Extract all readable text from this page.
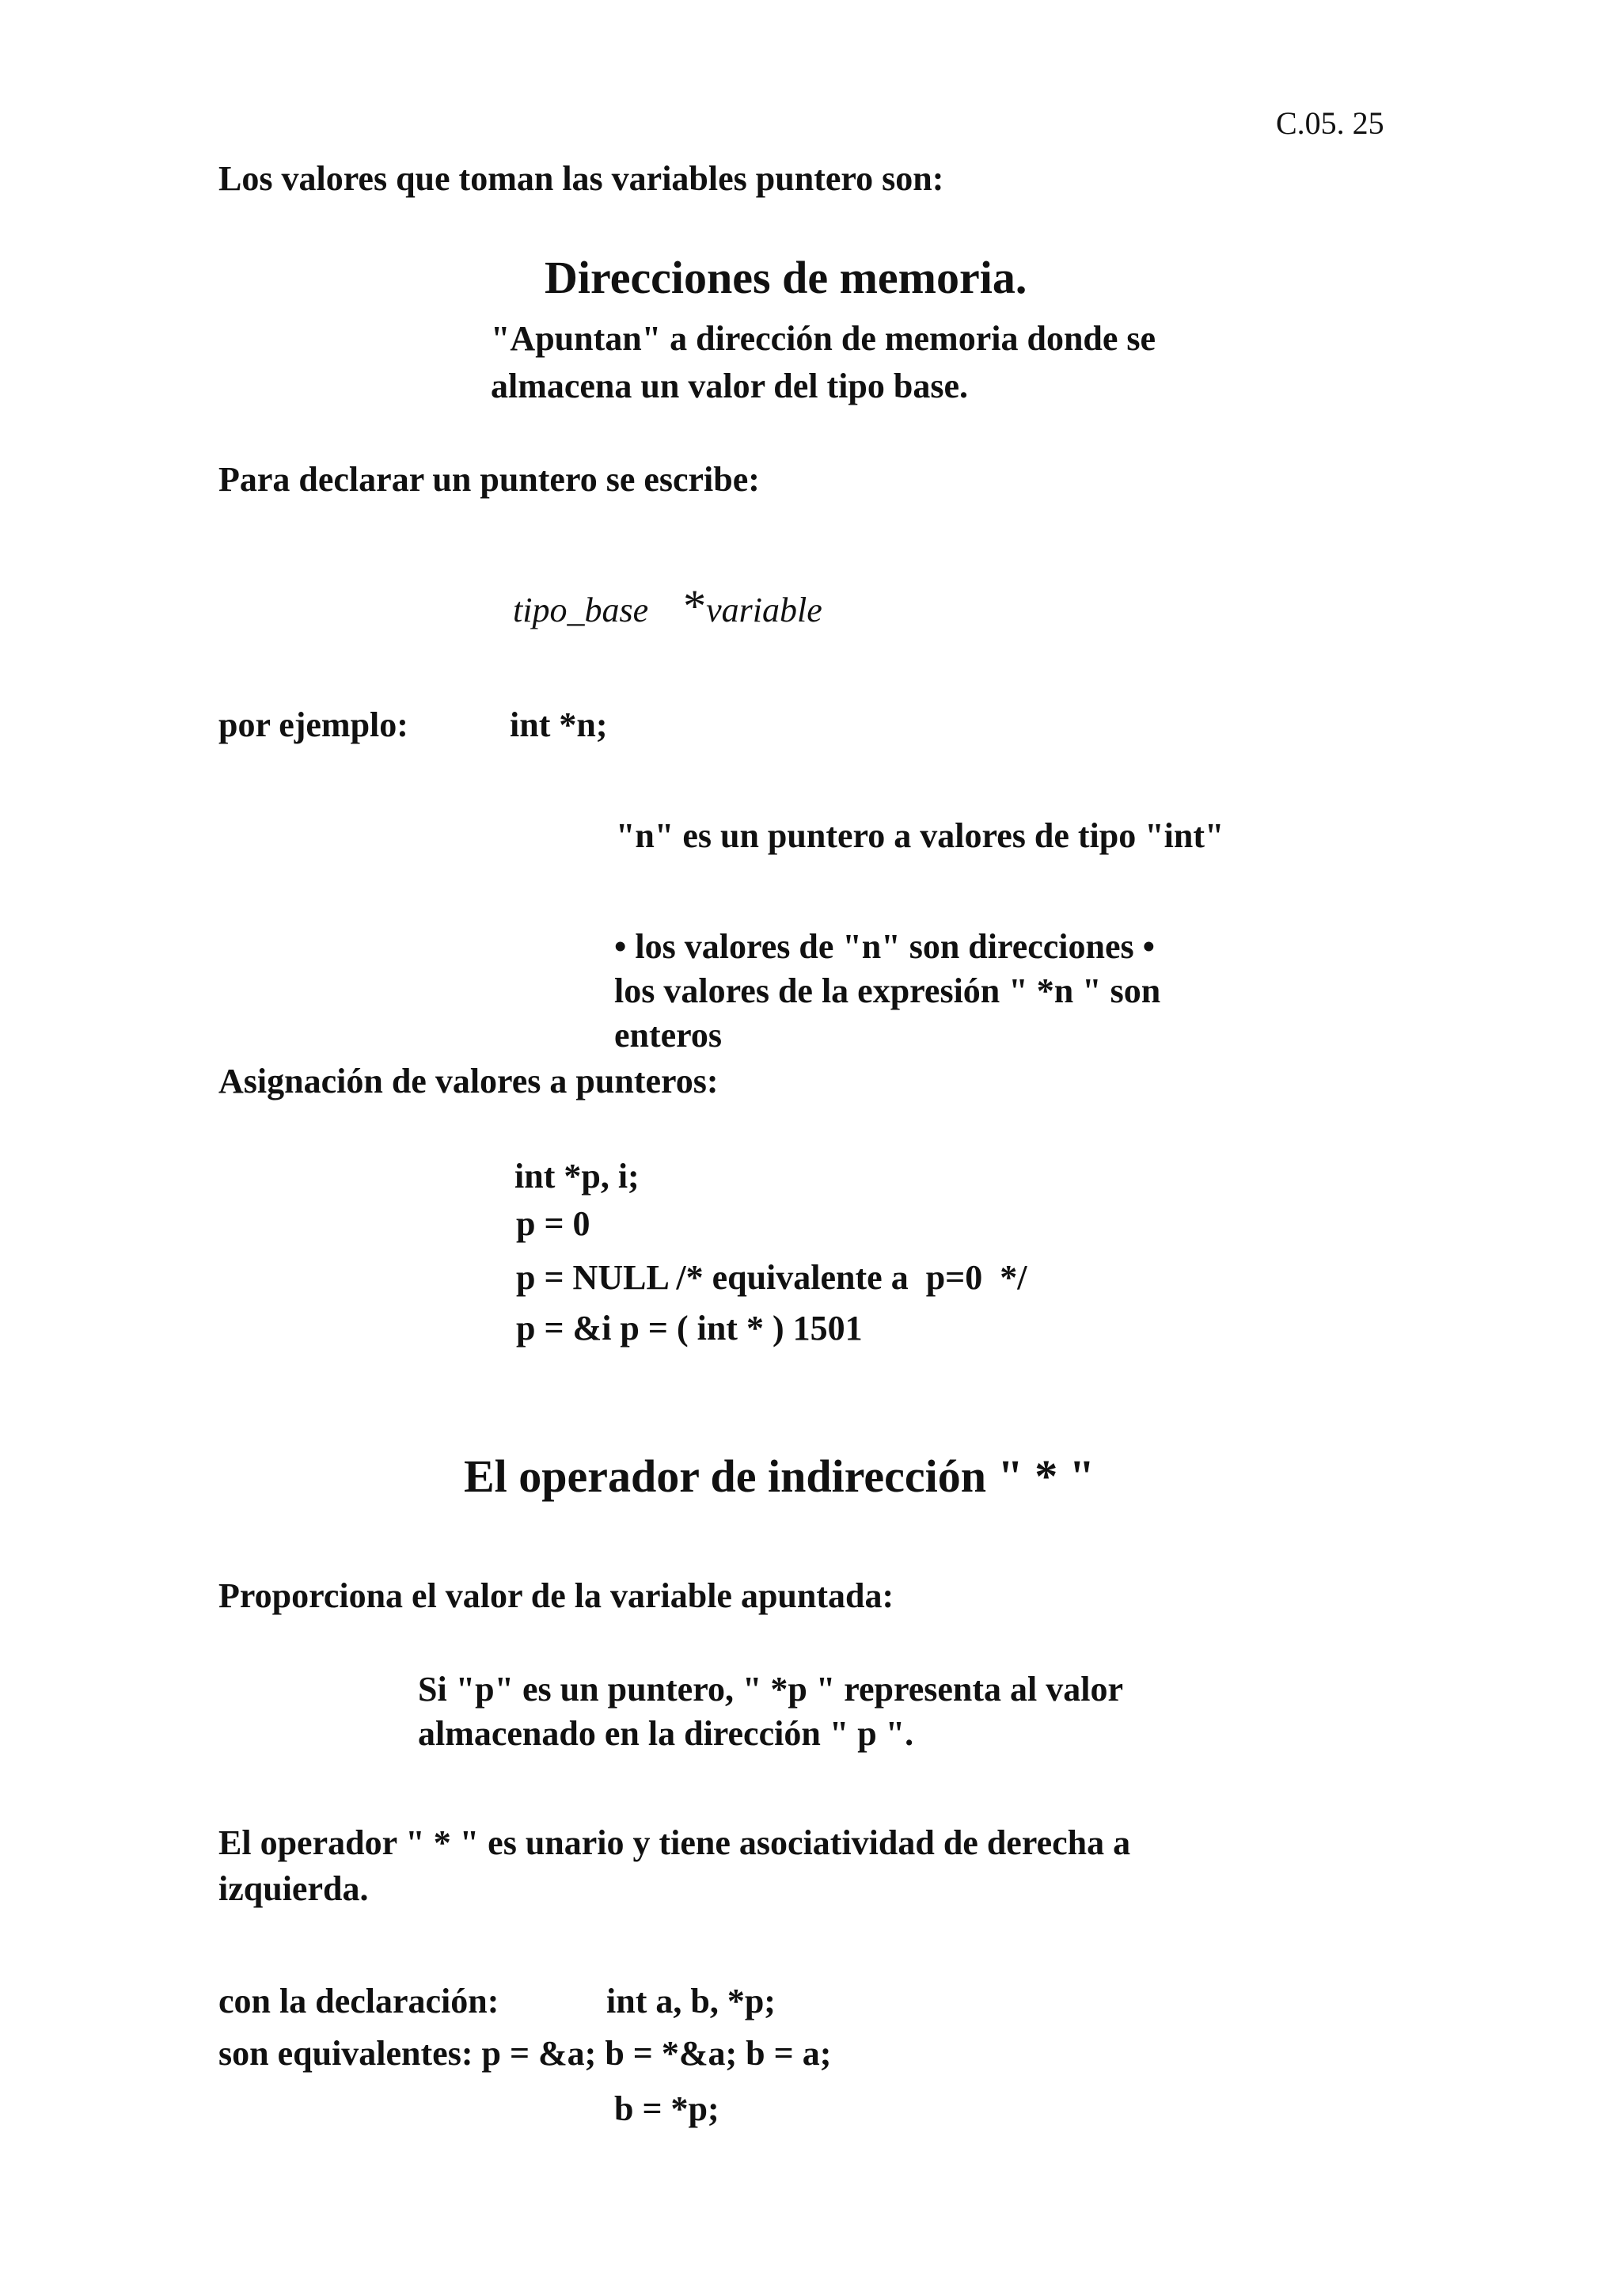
C.05. 25

Los valores que toman las variables puntero son:

Direcciones de memoria.

"Apuntan" a dirección de memoria donde se

almacena un valor del tipo base.

Para declarar un puntero se escribe:

tipo_base *variable
por ejemplo:	int *n;

"n" es un puntero a valores de tipo "int"

• los valores de "n" son direcciones •

los valores de la expresión " *n " son

enteros

Asignación de valores a punteros:

int *p, i;

p = 0

p = NULL /* equivalente a  p=0  */

p = &i p = ( int * ) 1501

El operador de indirección " * "

Proporciona el valor de la variable apuntada:

Si "p" es un puntero, " *p " representa al valor

almacenado en la dirección " p ".

El operador " * " es unario y tiene asociatividad de derecha a

izquierda.

con la declaración:	int a, b, *p;

son equivalentes: p = &a; b = *&a; b = a;

b = *p;
